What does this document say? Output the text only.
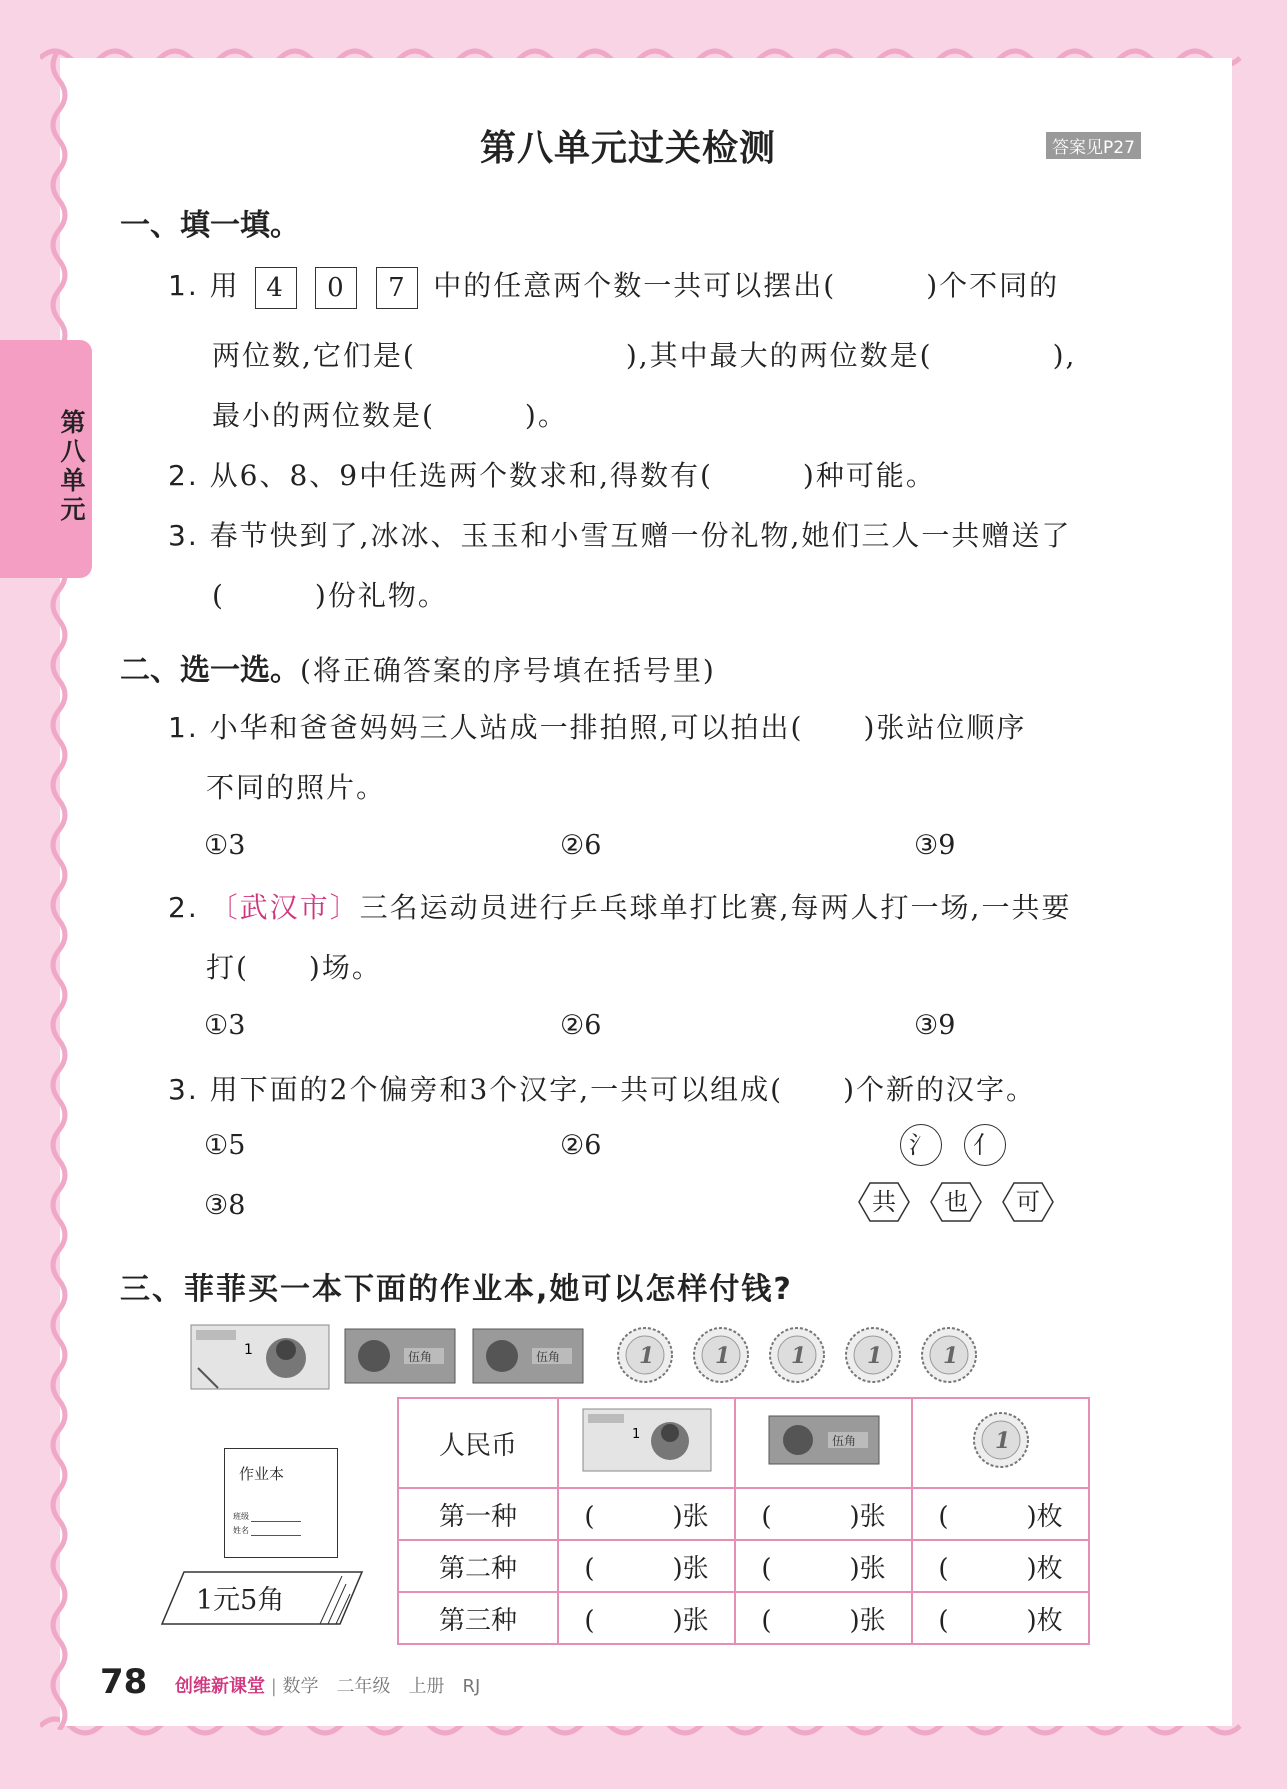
第八单元
第八单元过关检测	答案见P27
一、填一填。
1. 用 4 0 7 中的任意两个数一共可以摆出(　　　)个不同的
两位数,它们是(　　　　　　　),其中最大的两位数是(　　　　),
最小的两位数是(　　　)。
2. 从6、8、9中任选两个数求和,得数有(　　　)种可能。
3. 春节快到了,冰冰、玉玉和小雪互赠一份礼物,她们三人一共赠送了
(　　　)份礼物。
二、选一选。(将正确答案的序号填在括号里)
1. 小华和爸爸妈妈三人站成一排拍照,可以拍出(　　)张站位顺序
不同的照片。
①3	②6	③9
2. 〔武汉市〕三名运动员进行乒乓球单打比赛,每两人打一场,一共要
打(　　)场。
①3	②6	③9
3. 用下面的2个偏旁和3个汉字,一共可以组成(　　)个新的汉字。
①5	②6
③8
氵	亻
共	也	可
三、菲菲买一本下面的作业本,她可以怎样付钱?
1	伍角	伍角	1	1	1	1	1
作业本
班级
姓名
1元5角
人民币	1	伍角	1

第一种	(　　　)张	(　　　)张	(　　　)枚
第二种	(　　　)张	(　　　)张	(　　　)枚
第三种	(　　　)张	(　　　)张	(　　　)枚
78 创维新课堂 | 数学　二年级　上册　RJ
